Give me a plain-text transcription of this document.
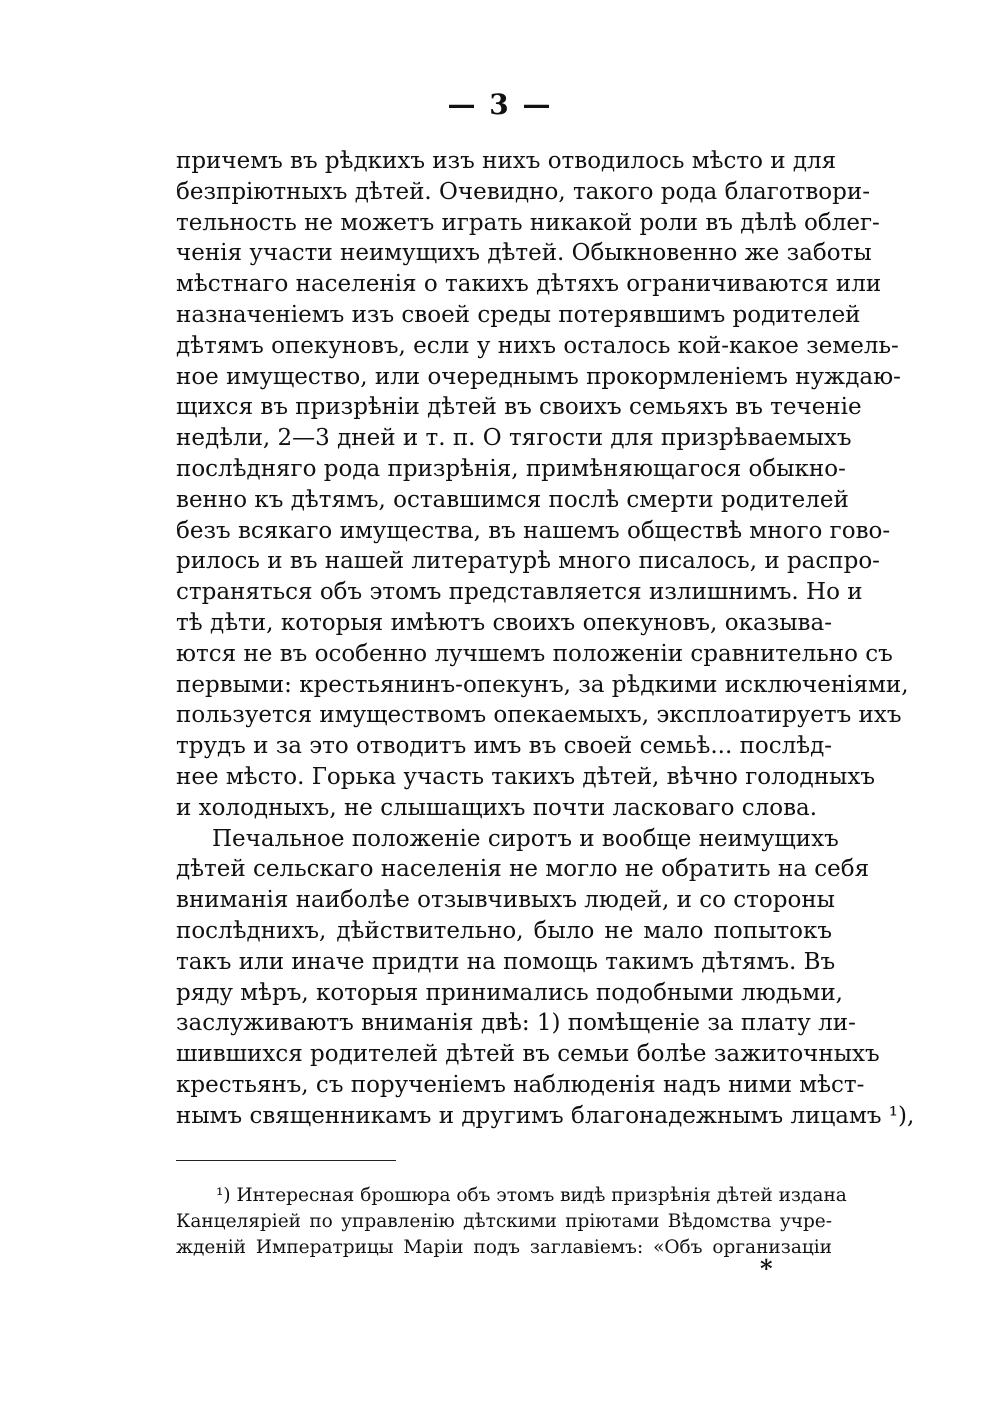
— 3 —
причемъ въ рѣдкихъ изъ нихъ отводилось мѣсто и для
безпріютныхъ дѣтей. Очевидно, такого рода благотвори-
тельность не можетъ играть никакой роли въ дѣлѣ облег-
ченія участи неимущихъ дѣтей. Обыкновенно же заботы
мѣстнаго населенія о такихъ дѣтяхъ ограничиваются или
назначеніемъ изъ своей среды потерявшимъ родителей
дѣтямъ опекуновъ, если у нихъ осталось кой-какое земель-
ное имущество, или очереднымъ прокормленіемъ нуждаю-
щихся въ призрѣніи дѣтей въ своихъ семьяхъ въ теченіе
недѣли, 2—3 дней и т. п. О тягости для призрѣваемыхъ
послѣдняго рода призрѣнія, примѣняющагося обыкно-
венно къ дѣтямъ, оставшимся послѣ смерти родителей
безъ всякаго имущества, въ нашемъ обществѣ много гово-
рилось и въ нашей литературѣ много писалось, и распро-
страняться объ этомъ представляется излишнимъ. Но и
тѣ дѣти, которыя имѣютъ своихъ опекуновъ, оказыва-
ются не въ особенно лучшемъ положеніи сравнительно съ
первыми: крестьянинъ-опекунъ, за рѣдкими исключеніями,
пользуется имуществомъ опекаемыхъ, эксплоатируетъ ихъ
трудъ и за это отводитъ имъ въ своей семьѣ... послѣд-
нее мѣсто. Горька участь такихъ дѣтей, вѣчно голодныхъ
и холодныхъ, не слышащихъ почти ласковаго слова.
Печальное положеніе сиротъ и вообще неимущихъ
дѣтей сельскаго населенія не могло не обратить на себя
вниманія наиболѣе отзывчивыхъ людей, и со стороны
послѣднихъ, дѣйствительно, было не мало попытокъ
такъ или иначе придти на помощь такимъ дѣтямъ. Въ
ряду мѣръ, которыя принимались подобными людьми,
заслуживаютъ вниманія двѣ: 1) помѣщеніе за плату ли-
шившихся родителей дѣтей въ семьи болѣе зажиточныхъ
крестьянъ, съ порученіемъ наблюденія надъ ними мѣст-
нымъ священникамъ и другимъ благонадежнымъ лицамъ ¹),
¹) Интересная брошюра объ этомъ видѣ призрѣнія дѣтей издана
Канцеляріей по управленію дѣтскими пріютами Вѣдомства учре-
жденій Императрицы Маріи подъ заглавіемъ: «Объ организаціи
*
